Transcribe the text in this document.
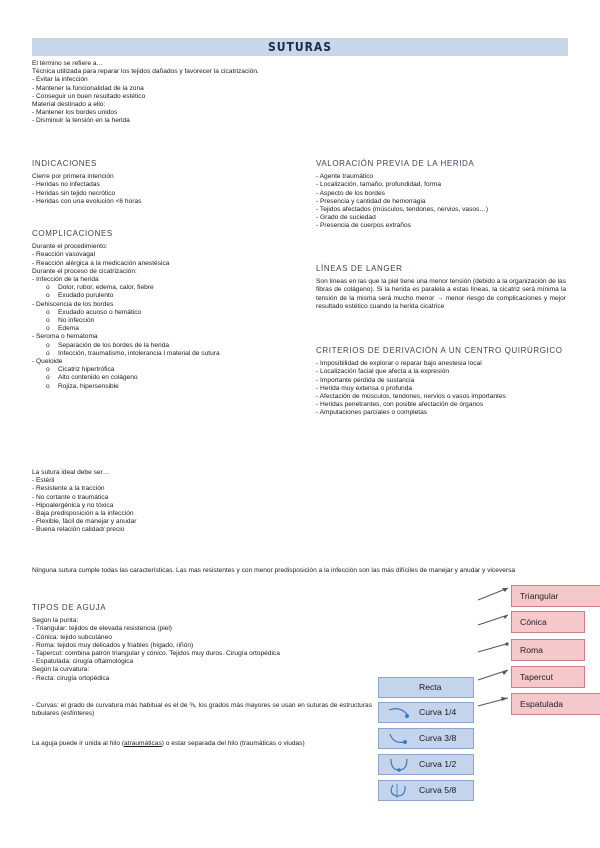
SUTURAS

El término se refiere a…

Técnica utilizada para reparar los tejidos dañados y favorecer la cicatrización.

- Evitar la infección

- Mantener la funcionalidad de la zona

- Conseguir un buen resultado estético

Material destinado a ello:

- Mantener los bordes unidos

- Disminuir la tensión en la herida

INDICACIONES

Cierre por primera intención

- Heridas no infectadas

- Heridas sin tejido necrótico

- Heridas con una evolución <6 horas

COMPLICACIONES

Durante el procedimiento:

- Reacción vasovagal

- Reacción alérgica a la medicación anestésica

Durante el proceso de cicatrización:

- Infección de la herida

o Dolor, rubor, edema, calor, fiebre

o Exudado purulento

- Dehiscencia de los bordes

o Exudado acuoso o hemático

o No infección

o Edema

- Seroma o hematoma

o Separación de los bordes de la herida

o Infección, traumatismo, intolerancia l material de sutura

- Queloide

o Cicatriz hipertrófica

o Alto contenido en colágeno

o Rojiza, hipersensible

VALORACIÓN PREVIA DE LA HERIDA

- Agente traumático

- Localización, tamaño, profundidad, forma

- Aspecto de los bordes

- Presencia y cantidad de hemorragia

- Tejidos afectados (músculos, tendones, nervios, vasos…)

- Grado de suciedad

- Presencia de cuerpos extraños

LÍNEAS DE LANGER

Son líneas en las que la piel tiene una menor tensión (debido a la organización de las fibras de colágeno). Si la herida es paralela a estas líneas, la cicatriz será mínima la tensión de la misma será mucho menor → menor riesgo de complicaciones y mejor resultado estético cuando la herida cicatrice

CRITERIOS DE DERIVACIÓN A UN CENTRO QUIRÚRGICO

- Imposibilidad de explorar o reparar bajo anestesia local

- Localización facial que afecta a la expresión

- Importante pérdida de sustancia

- Herida muy extensa o profunda

- Afectación de músculos, tendones, nervios o vasos importantes

- Heridas penetrantes, con posible afectación de órganos

- Amputaciones parciales o completas

La sutura ideal debe ser…

- Estéril

- Resistente a la tracción

- No cortante o traumática

- Hipoalergénica y no tóxica

- Baja predisposición a la infección

- Flexible, fácil de manejar y anudar

- Buena relación calidad/ precio

Ninguna sutura cumple todas las características. Las mas resistentes y con menor predisposición a la infección son las más difíciles de manejar y anudar y viceversa

TIPOS DE AGUJA

Según la punta:

- Triangular: tejidos de elevada resistencia (piel)

- Cónica: tejido subcutáneo

- Roma: tejidos muy delicados y friables (hígado, riñón)

- Tapercut: combina patrón triangular y cónico. Tejidos muy duros. Cirugía ortopédica

- Espatulada: cirugía oftalmológica

Según la curvatura:

- Recta: cirugía ortopédica

- Curvas: el grado de curvatura más habitual es el de ⅜, los grados más mayores se usan en suturas de estructuras tubulares (esfínteres)

La aguja puede ir unida al hilo (atraumáticas) o estar separada del hilo (traumáticas o viudas)

Triangular
Cónica
Roma
Tapercut
Espatulada
Recta
Curva 1/4
Curva 3/8
Curva 1/2
Curva 5/8
